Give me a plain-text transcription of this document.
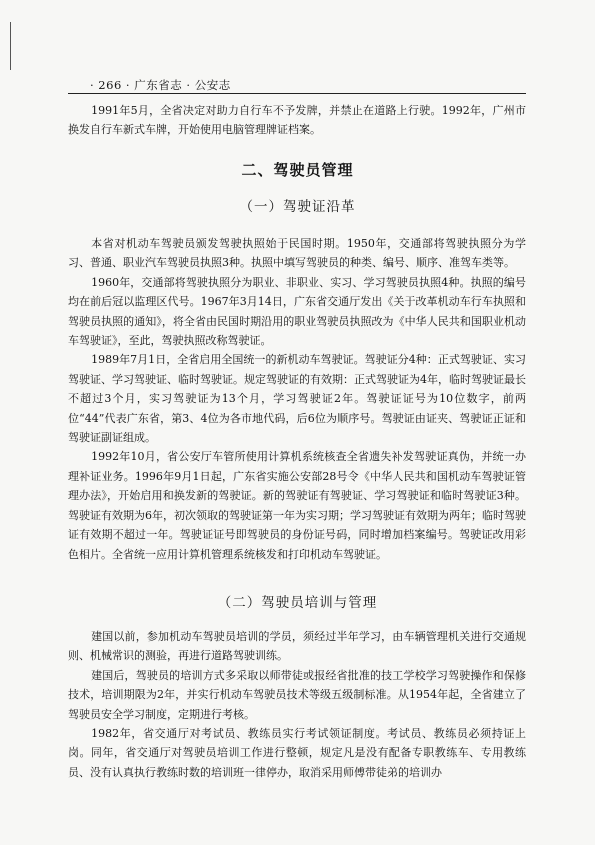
· 266 · 广东省志 · 公安志

1991年5月，全省决定对助力自行车不予发牌，并禁止在道路上行驶。1992年，广州市换发自行车新式车牌，开始使用电脑管理牌证档案。

二、驾驶员管理
（一）驾驶证沿革

本省对机动车驾驶员颁发驾驶执照始于民国时期。1950年，交通部将驾驶执照分为学习、普通、职业汽车驾驶员执照3种。执照中填写驾驶员的种类、编号、顺序、准驾车类等。

1960年，交通部将驾驶执照分为职业、非职业、实习、学习驾驶员执照4种。执照的编号均在前后冠以监理区代号。1967年3月14日，广东省交通厅发出《关于改革机动车行车执照和驾驶员执照的通知》，将全省由民国时期沿用的职业驾驶员执照改为《中华人民共和国职业机动车驾驶证》，至此，驾驶执照改称驾驶证。

1989年7月1日，全省启用全国统一的新机动车驾驶证。驾驶证分4种：正式驾驶证、实习驾驶证、学习驾驶证、临时驾驶证。规定驾驶证的有效期：正式驾驶证为4年，临时驾驶证最长不超过3个月，实习驾驶证为13个月，学习驾驶证2年。驾驶证证号为10位数字，前两位“44”代表广东省，第3、4位为各市地代码，后6位为顺序号。驾驶证由证夹、驾驶证正证和驾驶证副证组成。

1992年10月，省公安厅车管所使用计算机系统核查全省遗失补发驾驶证真伪，并统一办理补证业务。1996年9月1日起，广东省实施公安部28号令《中华人民共和国机动车驾驶证管理办法》，开始启用和换发新的驾驶证。新的驾驶证有驾驶证、学习驾驶证和临时驾驶证3种。驾驶证有效期为6年，初次领取的驾驶证第一年为实习期；学习驾驶证有效期为两年；临时驾驶证有效期不超过一年。驾驶证证号即驾驶员的身份证号码，同时增加档案编号。驾驶证改用彩色相片。全省统一应用计算机管理系统核发和打印机动车驾驶证。

（二）驾驶员培训与管理

建国以前，参加机动车驾驶员培训的学员，须经过半年学习，由车辆管理机关进行交通规则、机械常识的测验，再进行道路驾驶训练。

建国后，驾驶员的培训方式多采取以师带徒或报经省批准的技工学校学习驾驶操作和保修技术，培训期限为2年，并实行机动车驾驶员技术等级五级制标准。从1954年起，全省建立了驾驶员安全学习制度，定期进行考核。

1982年，省交通厅对考试员、教练员实行考试领证制度。考试员、教练员必须持证上岗。同年，省交通厅对驾驶员培训工作进行整顿，规定凡是没有配备专职教练车、专用教练员、没有认真执行教练时数的培训班一律停办，取消采用师傅带徒弟的培训办
